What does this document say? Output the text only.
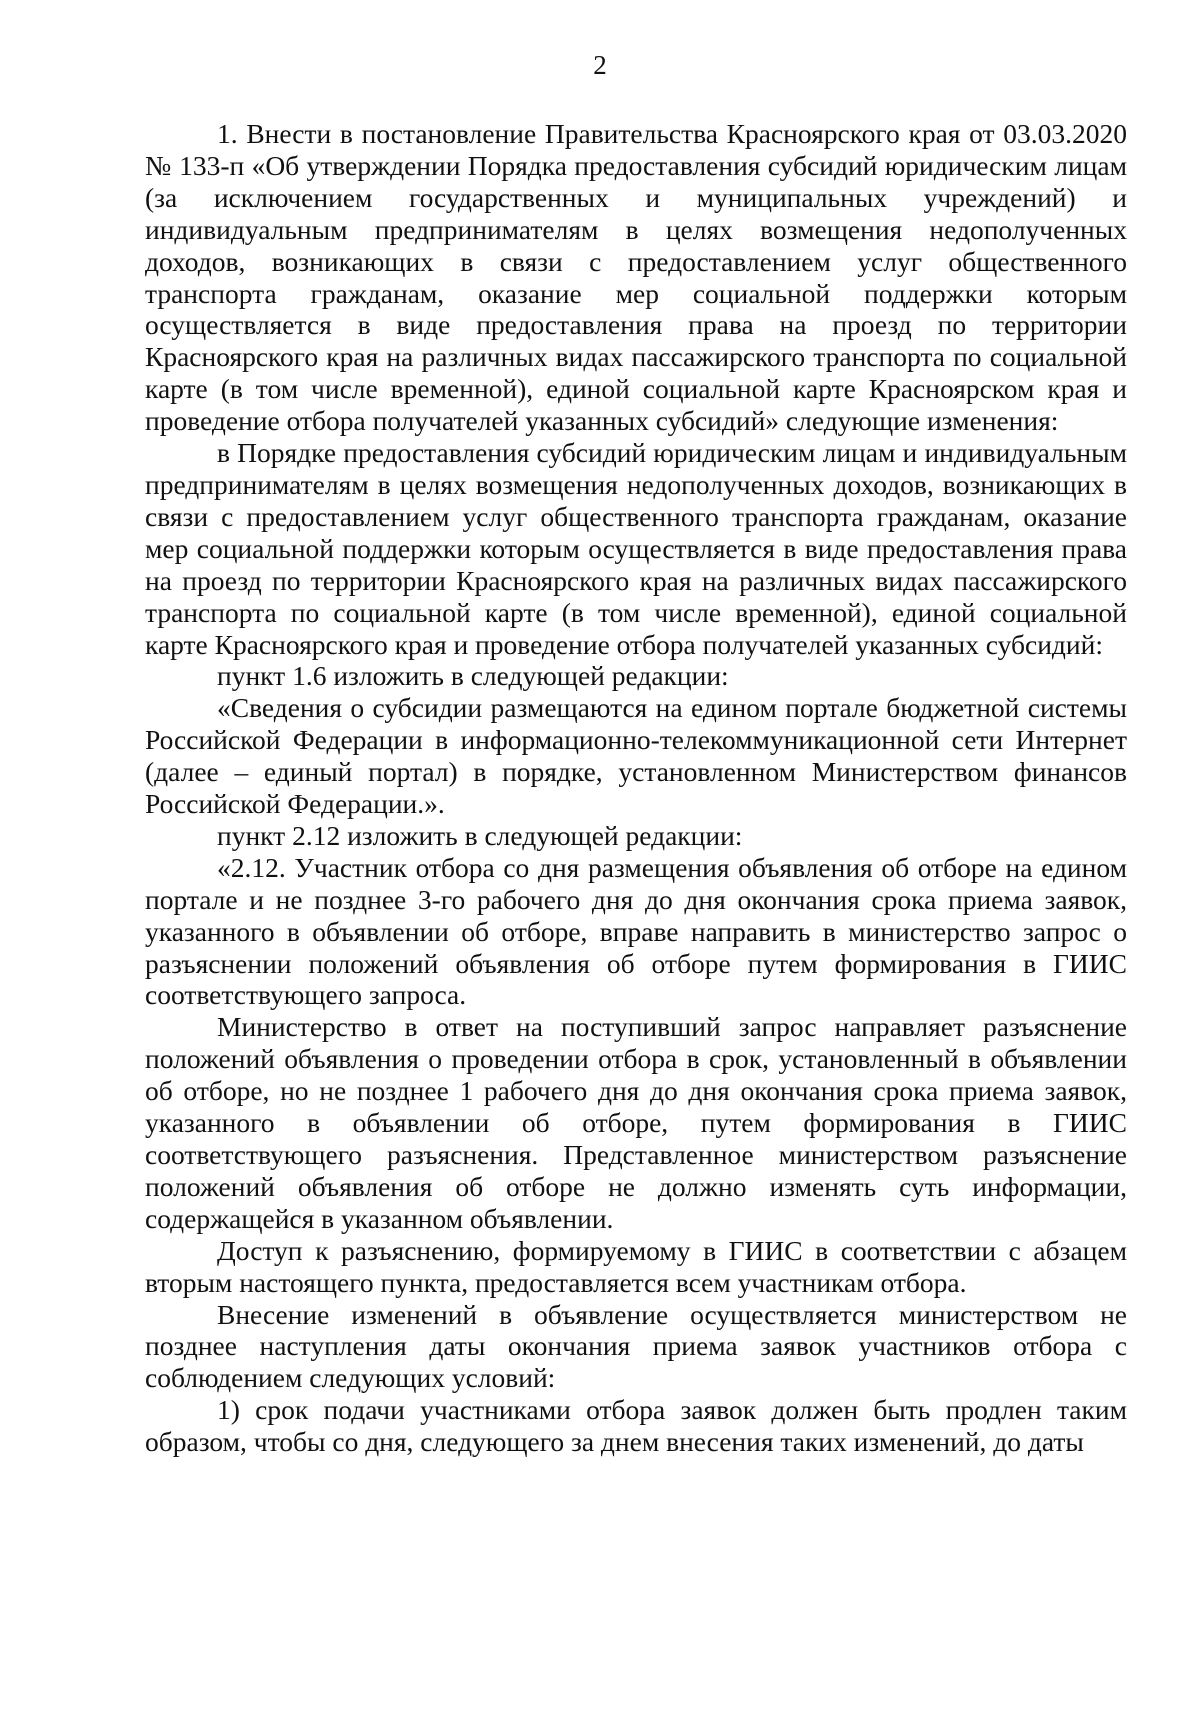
2

1. Внести в постановление Правительства Красноярского края от 03.03.2020 № 133-п «Об утверждении Порядка предоставления субсидий юридическим лицам (за исключением государственных и муниципальных учреждений) и индивидуальным предпринимателям в целях возмещения недополученных доходов, возникающих в связи с предоставлением услуг общественного транспорта гражданам, оказание мер социальной поддержки которым осуществляется в виде предоставления права на проезд по территории Красноярского края на различных видах пассажирского транспорта по социальной карте (в том числе временной), единой социальной карте Красноярском края и проведение отбора получателей указанных субсидий» следующие изменения:

в Порядке предоставления субсидий юридическим лицам и индивидуальным предпринимателям в целях возмещения недополученных доходов, возникающих в связи с предоставлением услуг общественного транспорта гражданам, оказание мер социальной поддержки которым осуществляется в виде предоставления права на проезд по территории Красноярского края на различных видах пассажирского транспорта по социальной карте (в том числе временной), единой социальной карте Красноярского края и проведение отбора получателей указанных субсидий:

пункт 1.6 изложить в следующей редакции:

«Сведения о субсидии размещаются на едином портале бюджетной системы Российской Федерации в информационно-телекоммуникационной сети Интернет (далее – единый портал) в порядке, установленном Министерством финансов Российской Федерации.».

пункт 2.12 изложить в следующей редакции:

«2.12. Участник отбора со дня размещения объявления об отборе на едином портале и не позднее 3-го рабочего дня до дня окончания срока приема заявок, указанного в объявлении об отборе, вправе направить в министерство запрос о разъяснении положений объявления об отборе путем формирования в ГИИС соответствующего запроса.

Министерство в ответ на поступивший запрос направляет разъяснение положений объявления о проведении отбора в срок, установленный в объявлении об отборе, но не позднее 1 рабочего дня до дня окончания срока приема заявок, указанного в объявлении об отборе, путем формирования в ГИИС соответствующего разъяснения. Представленное министерством разъяснение положений объявления об отборе не должно изменять суть информации, содержащейся в указанном объявлении.

Доступ к разъяснению, формируемому в ГИИС в соответствии с абзацем вторым настоящего пункта, предоставляется всем участникам отбора.

Внесение изменений в объявление осуществляется министерством не позднее наступления даты окончания приема заявок участников отбора с соблюдением следующих условий:

1) срок подачи участниками отбора заявок должен быть продлен таким образом, чтобы со дня, следующего за днем внесения таких изменений, до даты
